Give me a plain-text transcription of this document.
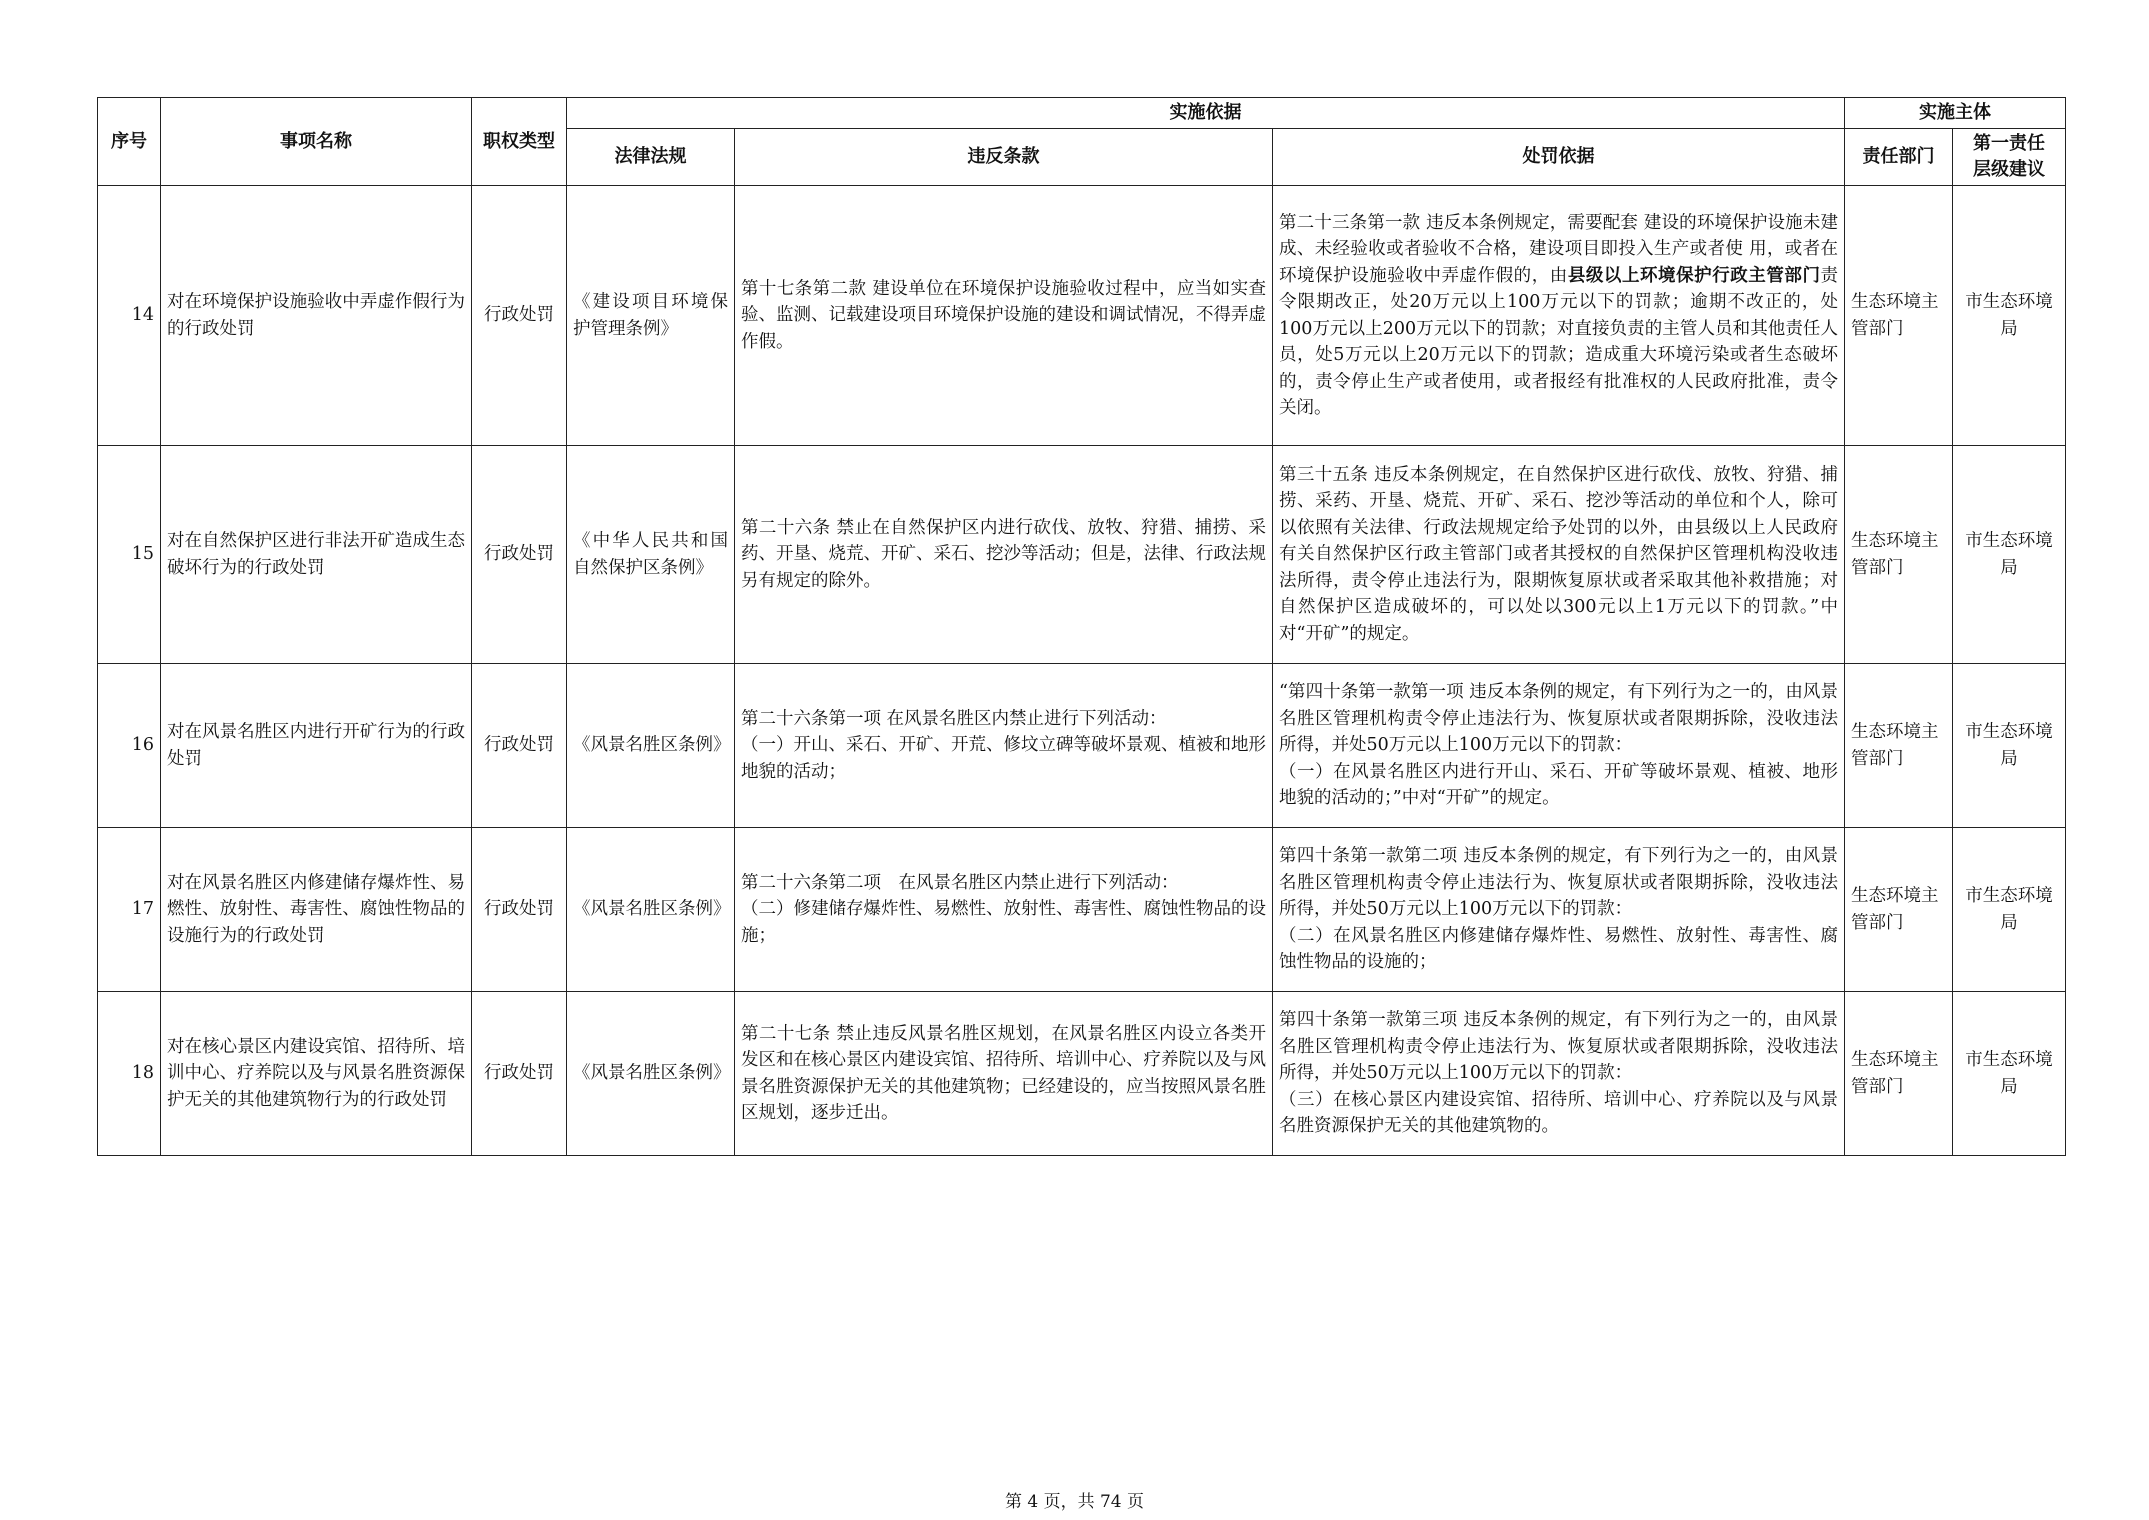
序号	事项名称	职权类型	实施依据			实施主体	
			法律法规	违反条款	处罚依据	责任部门	第一责任
层级建议

14	对在环境保护设施验收中弄虚作假行为的行政处罚	行政处罚	《建设项目环境保护管理条例》	第十七条第二款 建设单位在环境保护设施验收过程中，应当如实查验、监测、记载建设项目环境保护设施的建设和调试情况，不得弄虚作假。	第二十三条第一款 违反本条例规定，需要配套 建设的环境保护设施未建成、未经验收或者验收不合格，建设项目即投入生产或者使 用，或者在环境保护设施验收中弄虚作假的，由县级以上环境保护行政主管部门责令限期改正，处20万元以上100万元以下的罚款；逾期不改正的，处100万元以上200万元以下的罚款；对直接负责的主管人员和其他责任人员，处5万元以上20万元以下的罚款；造成重大环境污染或者生态破坏的，责令停止生产或者使用，或者报经有批准权的人民政府批准，责令关闭。	生态环境主管部门	市生态环境局
15	对在自然保护区进行非法开矿造成生态破坏行为的行政处罚	行政处罚	《中华人民共和国自然保护区条例》	第二十六条 禁止在自然保护区内进行砍伐、放牧、狩猎、捕捞、采药、开垦、烧荒、开矿、采石、挖沙等活动；但是，法律、行政法规另有规定的除外。	第三十五条 违反本条例规定，在自然保护区进行砍伐、放牧、狩猎、捕捞、采药、开垦、烧荒、开矿、采石、挖沙等活动的单位和个人，除可以依照有关法律、行政法规规定给予处罚的以外，由县级以上人民政府有关自然保护区行政主管部门或者其授权的自然保护区管理机构没收违法所得，责令停止违法行为，限期恢复原状或者采取其他补救措施；对自然保护区造成破坏的，可以处以300元以上1万元以下的罚款。”中对“开矿”的规定。	生态环境主管部门	市生态环境局
16	对在风景名胜区内进行开矿行为的行政处罚	行政处罚	《风景名胜区条例》	第二十六条第一项 在风景名胜区内禁止进行下列活动：
（一）开山、采石、开矿、开荒、修坟立碑等破坏景观、植被和地形地貌的活动；	“第四十条第一款第一项 违反本条例的规定，有下列行为之一的，由风景名胜区管理机构责令停止违法行为、恢复原状或者限期拆除，没收违法所得，并处50万元以上100万元以下的罚款：
（一）在风景名胜区内进行开山、采石、开矿等破坏景观、植被、地形地貌的活动的；”中对“开矿”的规定。	生态环境主管部门	市生态环境局
17	对在风景名胜区内修建储存爆炸性、易燃性、放射性、毒害性、腐蚀性物品的设施行为的行政处罚	行政处罚	《风景名胜区条例》	第二十六条第二项　在风景名胜区内禁止进行下列活动：
（二）修建储存爆炸性、易燃性、放射性、毒害性、腐蚀性物品的设施；	第四十条第一款第二项 违反本条例的规定，有下列行为之一的，由风景名胜区管理机构责令停止违法行为、恢复原状或者限期拆除，没收违法所得，并处50万元以上100万元以下的罚款：
（二）在风景名胜区内修建储存爆炸性、易燃性、放射性、毒害性、腐蚀性物品的设施的；	生态环境主管部门	市生态环境局
18	对在核心景区内建设宾馆、招待所、培训中心、疗养院以及与风景名胜资源保护无关的其他建筑物行为的行政处罚	行政处罚	《风景名胜区条例》	第二十七条 禁止违反风景名胜区规划，在风景名胜区内设立各类开发区和在核心景区内建设宾馆、招待所、培训中心、疗养院以及与风景名胜资源保护无关的其他建筑物；已经建设的，应当按照风景名胜区规划，逐步迁出。	第四十条第一款第三项 违反本条例的规定，有下列行为之一的，由风景名胜区管理机构责令停止违法行为、恢复原状或者限期拆除，没收违法所得，并处50万元以上100万元以下的罚款：
（三）在核心景区内建设宾馆、招待所、培训中心、疗养院以及与风景名胜资源保护无关的其他建筑物的。	生态环境主管部门	市生态环境局
第 4 页，共 74 页
